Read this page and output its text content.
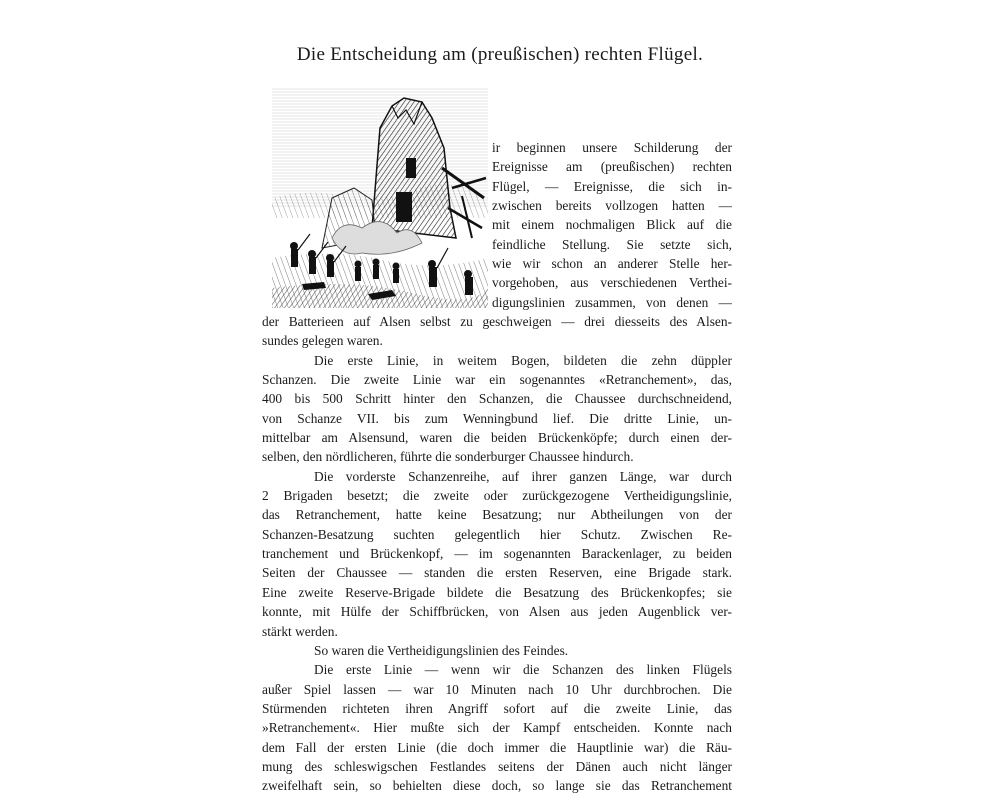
Die Entscheidung am (preußischen) rechten Flügel.
ir beginnen unsere Schilderung der
Ereignisse am (preußischen) rechten
Flügel, — Ereignisse, die sich in-
zwischen bereits vollzogen hatten —
mit einem nochmaligen Blick auf die
feindliche Stellung. Sie setzte sich,
wie wir schon an anderer Stelle her-
vorgehoben, aus verschiedenen Verthei-
digungslinien zusammen, von denen —
der Batterieen auf Alsen selbst zu geschweigen — drei diesseits des Alsen-
sundes gelegen waren.
Die erste Linie, in weitem Bogen, bildeten die zehn düppler
Schanzen. Die zweite Linie war ein sogenanntes «Retranchement», das,
400 bis 500 Schritt hinter den Schanzen, die Chaussee durchschneidend,
von Schanze VII. bis zum Wenningbund lief. Die dritte Linie, un-
mittelbar am Alsensund, waren die beiden Brückenköpfe; durch einen der-
selben, den nördlicheren, führte die sonderburger Chaussee hindurch.
Die vorderste Schanzenreihe, auf ihrer ganzen Länge, war durch
2 Brigaden besetzt; die zweite oder zurückgezogene Vertheidigungslinie,
das Retranchement, hatte keine Besatzung; nur Abtheilungen von der
Schanzen-Besatzung suchten gelegentlich hier Schutz. Zwischen Re-
tranchement und Brückenkopf, — im sogenannten Barackenlager, zu beiden
Seiten der Chaussee — standen die ersten Reserven, eine Brigade stark.
Eine zweite Reserve-Brigade bildete die Besatzung des Brückenkopfes; sie
konnte, mit Hülfe der Schiffbrücken, von Alsen aus jeden Augenblick ver-
stärkt werden.
So waren die Vertheidigungslinien des Feindes.
Die erste Linie — wenn wir die Schanzen des linken Flügels
außer Spiel lassen — war 10 Minuten nach 10 Uhr durchbrochen. Die
Stürmenden richteten ihren Angriff sofort auf die zweite Linie, das
»Retranchement«. Hier mußte sich der Kampf entscheiden. Konnte nach
dem Fall der ersten Linie (die doch immer die Hauptlinie war) die Räu-
mung des schleswigschen Festlandes seitens der Dänen auch nicht länger
zweifelhaft sein, so behielten diese doch, so lange sie das Retranchement
